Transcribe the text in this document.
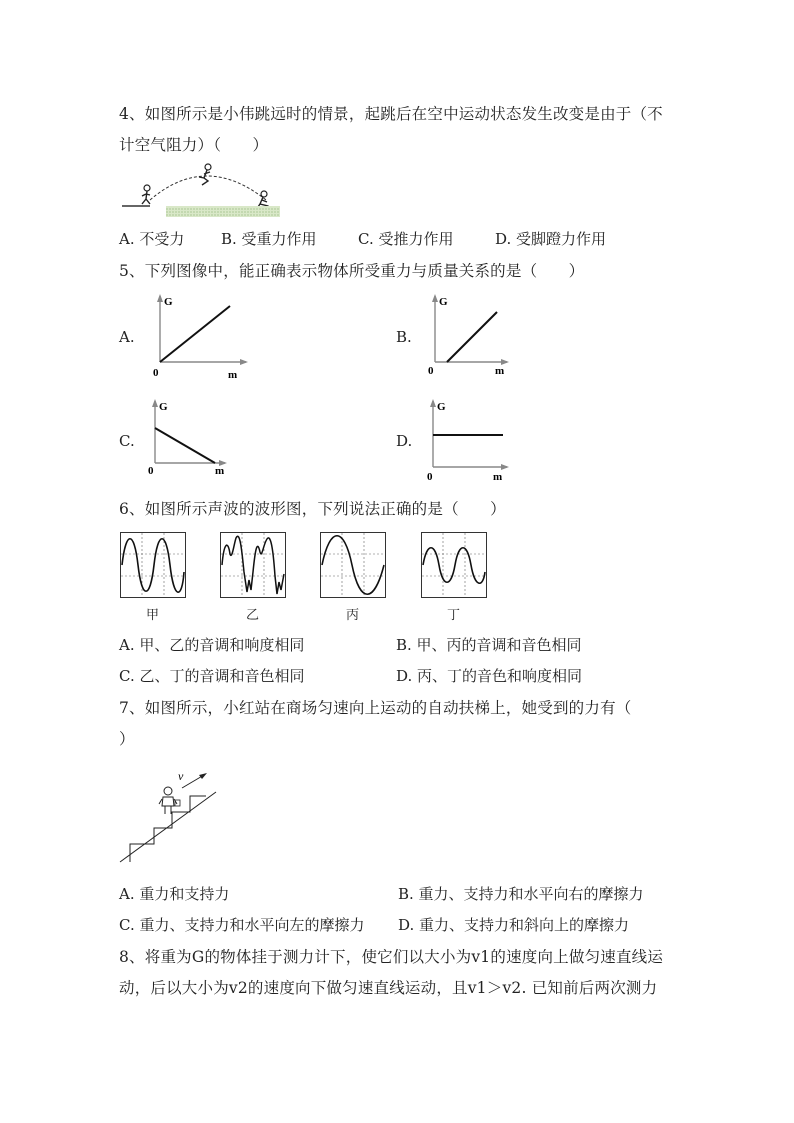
4、如图所示是小伟跳远时的情景，起跳后在空中运动状态发生改变是由于（不
计空气阻力）（　　）
A. 不受力 B. 受重力作用	C. 受推力作用	D. 受脚蹬力作用
5、下列图像中，能正确表示物体所受重力与质量关系的是（　　）
A.
G
m
0
B.
G
m
0
C.
G
m
0
D.
G
m
0
6、如图所示声波的波形图，下列说法正确的是（　　）
甲	乙	丙	丁
A. 甲、乙的音调和响度相同	B. 甲、丙的音调和音色相同
C. 乙、丁的音调和音色相同	D. 丙、丁的音色和响度相同
7、如图所示，小红站在商场匀速向上运动的自动扶梯上，她受到的力有（
）
v
A. 重力和支持力	B. 重力、支持力和水平向右的摩擦力
C. 重力、支持力和水平向左的摩擦力 D. 重力、支持力和斜向上的摩擦力
8、将重为G的物体挂于测力计下，使它们以大小为v1的速度向上做匀速直线运
动，后以大小为v2的速度向下做匀速直线运动，且v1＞v2. 已知前后两次测力
